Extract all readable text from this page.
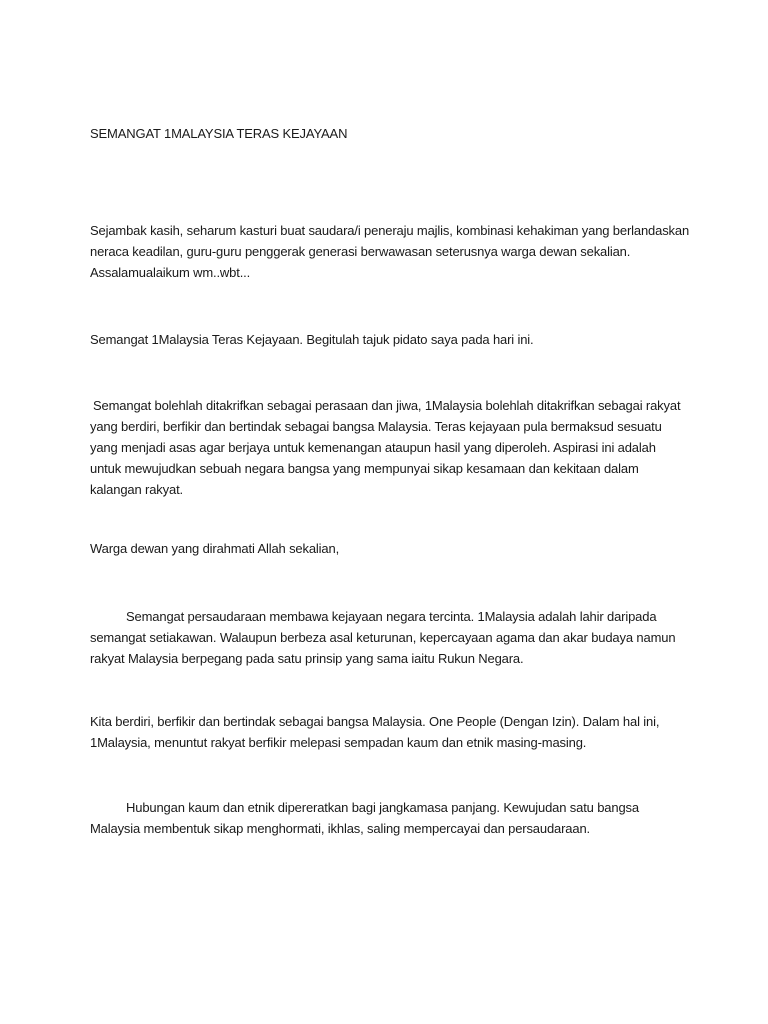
SEMANGAT 1MALAYSIA TERAS KEJAYAAN

Sejambak kasih, seharum kasturi buat saudara/i peneraju majlis, kombinasi kehakiman yang berlandaskan neraca keadilan, guru-guru penggerak generasi berwawasan seterusnya warga dewan sekalian. Assalamualaikum wm..wbt...

Semangat 1Malaysia Teras Kejayaan. Begitulah tajuk pidato saya pada hari ini.

Semangat bolehlah ditakrifkan sebagai perasaan dan jiwa, 1Malaysia bolehlah ditakrifkan sebagai rakyat yang berdiri, berfikir dan bertindak sebagai bangsa Malaysia. Teras kejayaan pula bermaksud sesuatu yang menjadi asas agar berjaya untuk kemenangan ataupun hasil yang diperoleh. Aspirasi ini adalah untuk mewujudkan sebuah negara bangsa yang mempunyai sikap kesamaan dan kekitaan dalam kalangan rakyat.

Warga dewan yang dirahmati Allah sekalian,

Semangat persaudaraan membawa kejayaan negara tercinta. 1Malaysia adalah lahir daripada semangat setiakawan. Walaupun berbeza asal keturunan, kepercayaan agama dan akar budaya namun rakyat Malaysia berpegang pada satu prinsip yang sama iaitu Rukun Negara.

Kita berdiri, berfikir dan bertindak sebagai bangsa Malaysia. One People (Dengan Izin). Dalam hal ini, 1Malaysia, menuntut rakyat berfikir melepasi sempadan kaum dan etnik masing-masing.

Hubungan kaum dan etnik dipereratkan bagi jangkamasa panjang. Kewujudan satu bangsa Malaysia membentuk sikap menghormati, ikhlas, saling mempercayai dan persaudaraan.
